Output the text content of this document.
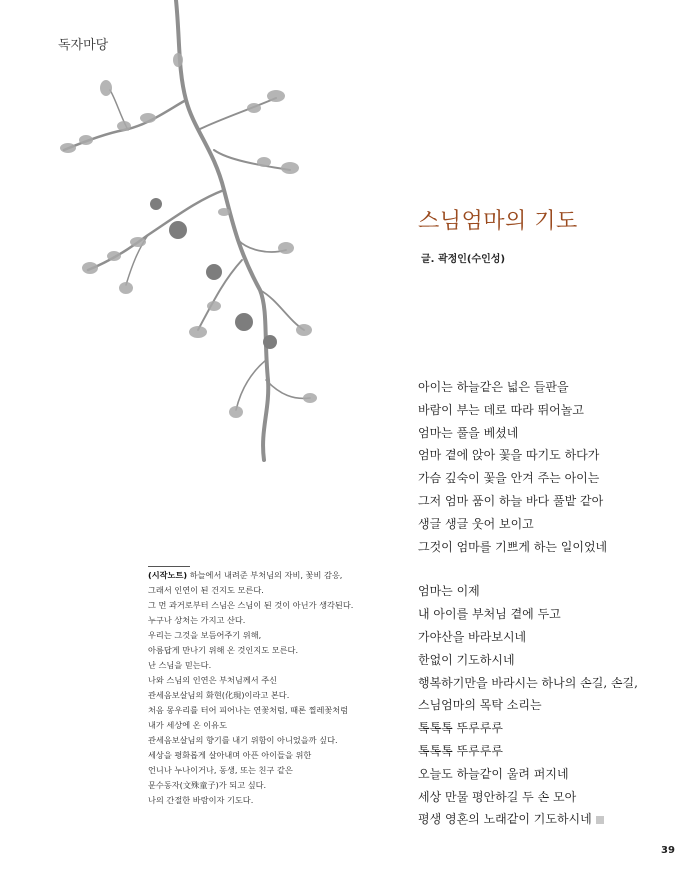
독자마당
스님엄마의 기도
글. 곽정인(수인성)

아이는 하늘같은 넓은 들판을
바람이 부는 데로 따라 뛰어놀고
엄마는 풀을 베셨네
엄마 곁에 앉아 꽃을 따기도 하다가
가슴 깊숙이 꽃을 안겨 주는 아이는
그저 엄마 품이 하늘 바다 풀밭 같아
생글 생글 웃어 보이고
그것이 엄마를 기쁘게 하는 일이었네

엄마는 이제
내 아이를 부처님 곁에 두고
가야산을 바라보시네
한없이 기도하시네
행복하기만을 바라시는 하나의 손길, 손길,
스님엄마의 목탁 소리는
톡톡톡 뚜루루루
톡톡톡 뚜루루루
오늘도 하늘같이 울려 퍼지네
세상 만물 평안하길 두 손 모아
평생 영혼의 노래같이 기도하시네

(시작노트) 하늘에서 내려준 부처님의 자비, 꽃비 감응,
그래서 인연이 된 건지도 모른다.
그 먼 과거로부터 스님은 스님이 된 것이 아닌가 생각된다.
누구나 상처는 가지고 산다.
우리는 그것을 보듬어주기 위해,
아름답게 만나기 위해 온 것인지도 모른다.
난 스님을 믿는다.
나와 스님의 인연은 부처님께서 주신
관세음보살님의 화현(化現)이라고 본다.
처음 몽우리를 터어 피어나는 연꽃처럼, 때론 찔레꽃처럼
내가 세상에 온 이유도
관세음보살님의 향기를 내기 위함이 아니었을까 싶다.
세상을 평화롭게 살아내며 아픈 아이들을 위한
언니나 누나이거나, 동생, 또는 친구 같은
문수동자(文殊童子)가 되고 싶다.
나의 간절한 바람이자 기도다.
39
